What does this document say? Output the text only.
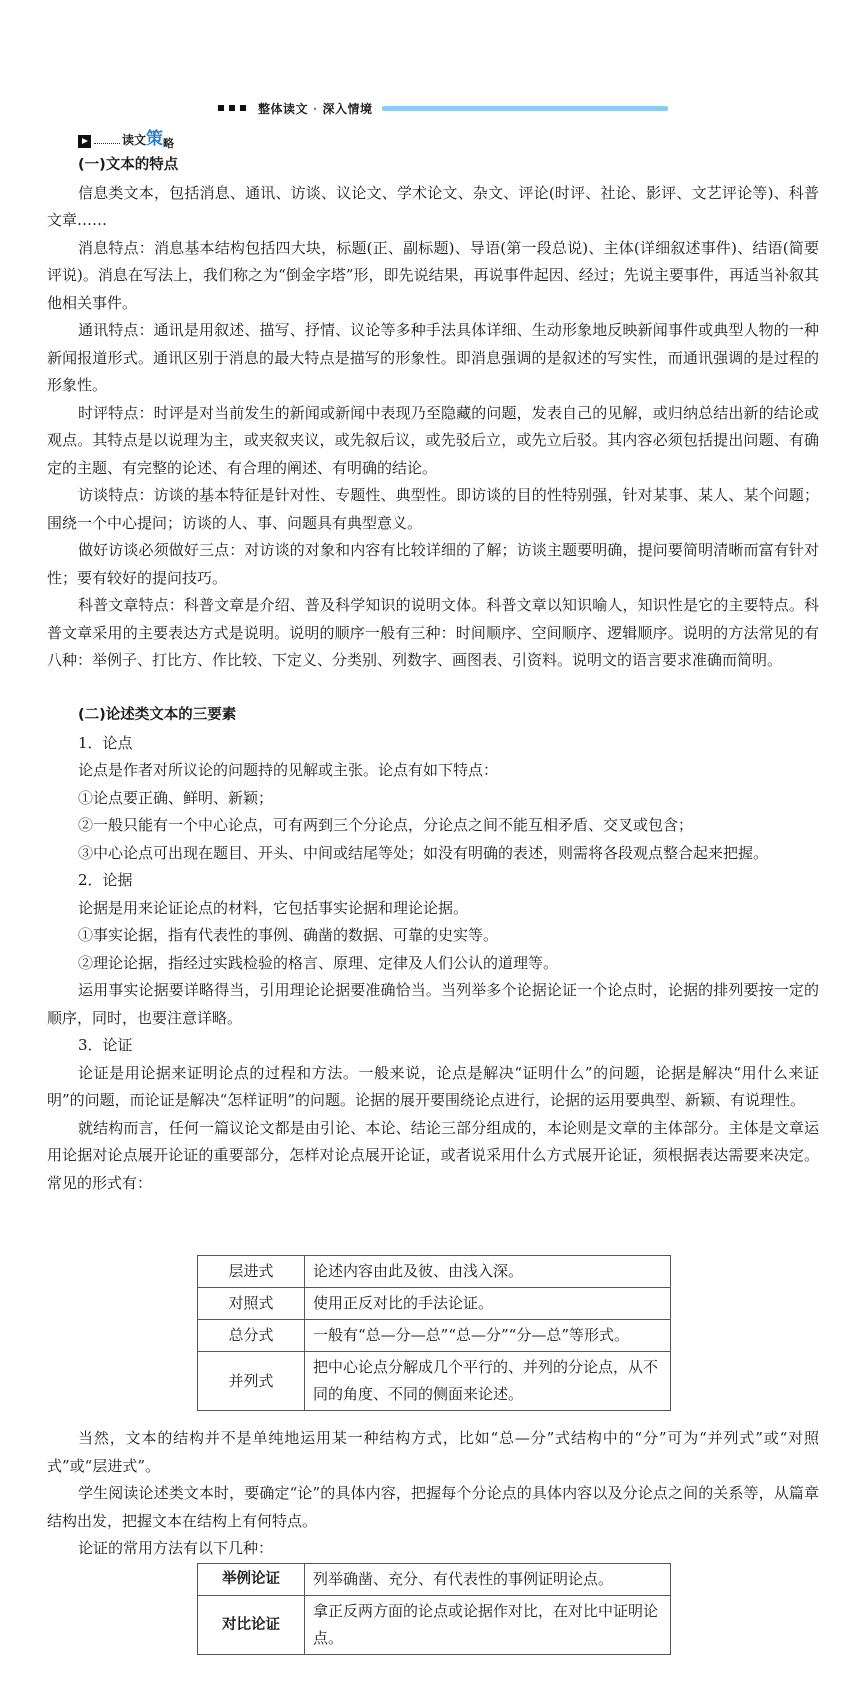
整体读文 · 深入情境
读文 策 略

(一)文本的特点

信息类文本，包括消息、通讯、访谈、议论文、学术论文、杂文、评论(时评、社论、影评、文艺评论等)、科普文章……

消息特点：消息基本结构包括四大块，标题(正、副标题)、导语(第一段总说)、主体(详细叙述事件)、结语(简要评说)。消息在写法上，我们称之为“倒金字塔”形，即先说结果，再说事件起因、经过；先说主要事件，再适当补叙其他相关事件。

通讯特点：通讯是用叙述、描写、抒情、议论等多种手法具体详细、生动形象地反映新闻事件或典型人物的一种新闻报道形式。通讯区别于消息的最大特点是描写的形象性。即消息强调的是叙述的写实性，而通讯强调的是过程的形象性。

时评特点：时评是对当前发生的新闻或新闻中表现乃至隐藏的问题，发表自己的见解，或归纳总结出新的结论或观点。其特点是以说理为主，或夹叙夹议，或先叙后议，或先驳后立，或先立后驳。其内容必须包括提出问题、有确定的主题、有完整的论述、有合理的阐述、有明确的结论。

访谈特点：访谈的基本特征是针对性、专题性、典型性。即访谈的目的性特别强，针对某事、某人、某个问题；围绕一个中心提问；访谈的人、事、问题具有典型意义。

做好访谈必须做好三点：对访谈的对象和内容有比较详细的了解；访谈主题要明确，提问要简明清晰而富有针对性；要有较好的提问技巧。

科普文章特点：科普文章是介绍、普及科学知识的说明文体。科普文章以知识喻人，知识性是它的主要特点。科普文章采用的主要表达方式是说明。说明的顺序一般有三种：时间顺序、空间顺序、逻辑顺序。说明的方法常见的有八种：举例子、打比方、作比较、下定义、分类别、列数字、画图表、引资料。说明文的语言要求准确而简明。

(二)论述类文本的三要素

1．论点

论点是作者对所议论的问题持的见解或主张。论点有如下特点：

①论点要正确、鲜明、新颖；

②一般只能有一个中心论点，可有两到三个分论点，分论点之间不能互相矛盾、交叉或包含；

③中心论点可出现在题目、开头、中间或结尾等处；如没有明确的表述，则需将各段观点整合起来把握。

2．论据

论据是用来论证论点的材料，它包括事实论据和理论论据。

①事实论据，指有代表性的事例、确凿的数据、可靠的史实等。

②理论论据，指经过实践检验的格言、原理、定律及人们公认的道理等。

运用事实论据要详略得当，引用理论论据要准确恰当。当列举多个论据论证一个论点时，论据的排列要按一定的顺序，同时，也要注意详略。

3．论证

论证是用论据来证明论点的过程和方法。一般来说，论点是解决“证明什么”的问题，论据是解决“用什么来证明”的问题，而论证是解决“怎样证明”的问题。论据的展开要围绕论点进行，论据的运用要典型、新颖、有说理性。

就结构而言，任何一篇议论文都是由引论、本论、结论三部分组成的，本论则是文章的主体部分。主体是文章运用论据对论点展开论证的重要部分，怎样对论点展开论证，或者说采用什么方式展开论证，须根据表达需要来决定。常见的形式有：

层进式	论述内容由此及彼、由浅入深。
对照式	使用正反对比的手法论证。
总分式	一般有“总—分—总”“总—分”“分—总”等形式。
并列式	把中心论点分解成几个平行的、并列的分论点，从不同的角度、不同的侧面来论述。

当然，文本的结构并不是单纯地运用某一种结构方式，比如“总—分”式结构中的“分”可为“并列式”或“对照式”或“层进式”。

学生阅读论述类文本时，要确定“论”的具体内容，把握每个分论点的具体内容以及分论点之间的关系等，从篇章结构出发，把握文本在结构上有何特点。

论证的常用方法有以下几种：

举例论证	列举确凿、充分、有代表性的事例证明论点。
对比论证	拿正反两方面的论点或论据作对比，在对比中证明论点。
